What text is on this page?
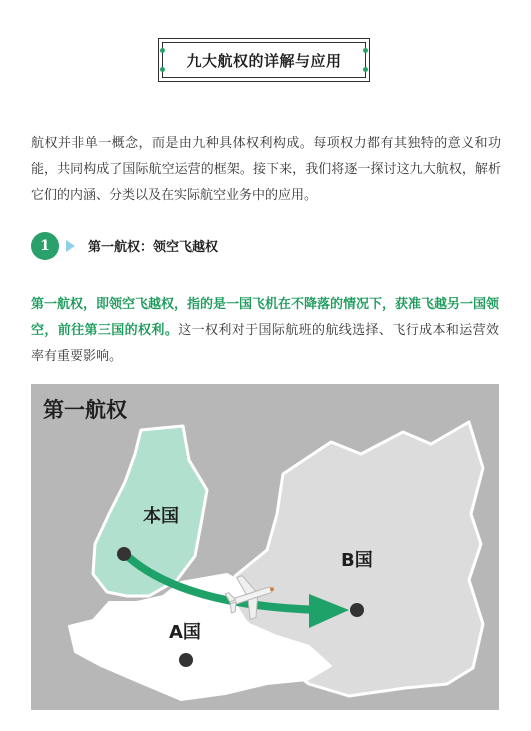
九大航权的详解与应用

航权并非单一概念，而是由九种具体权利构成。每项权力都有其独特的意义和功能，共同构成了国际航空运营的框架。接下来，我们将逐一探讨这九大航权，解析它们的内涵、分类以及在实际航空业务中的应用。

1	第一航权：领空飞越权

第一航权，即领空飞越权，指的是一国飞机在不降落的情况下，获准飞越另一国领空，前往第三国的权利。这一权利对于国际航班的航线选择、飞行成本和运营效率有重要影响。

第一航权
本国
B国
A国
